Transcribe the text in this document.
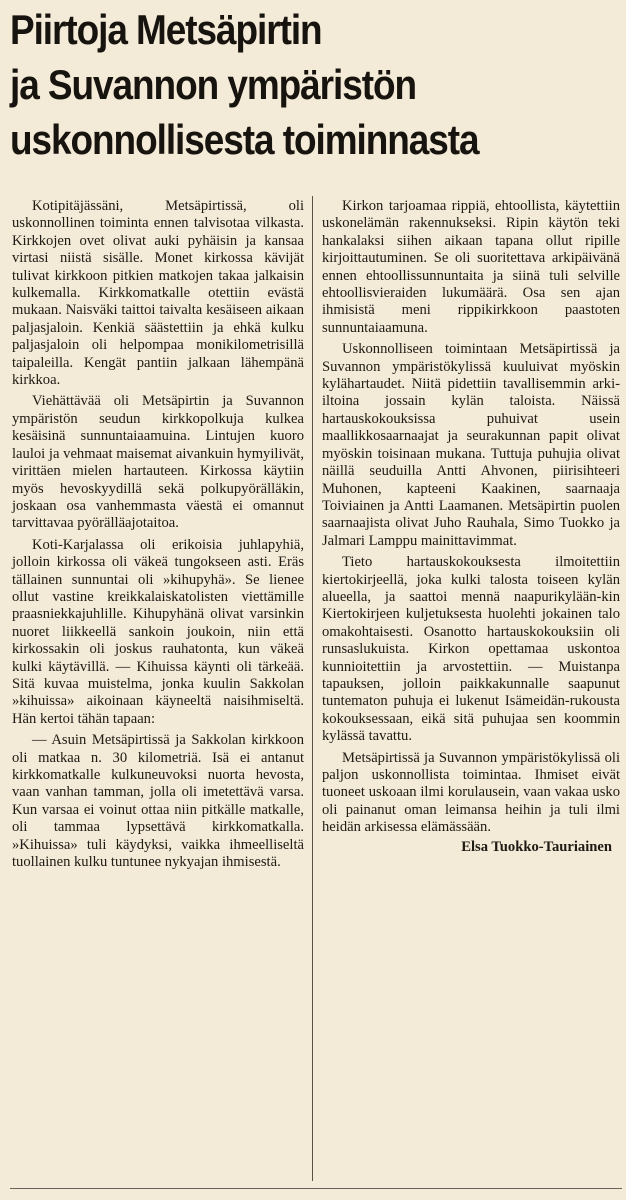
Piirtoja Metsäpirtin
ja Suvannon ympäristön
uskonnollisesta toiminnasta

Kotipitäjässäni, Metsäpirtissä, oli uskonnollinen toiminta ennen talvisotaa vilkasta. Kirkkojen ovet olivat auki pyhäisin ja kansaa virtasi niistä sisälle. Monet kirkossa kävijät tulivat kirkkoon pitkien matkojen takaa jalkaisin kulkemalla. Kirkkomatkalle otettiin evästä mukaan. Naisväki taittoi taivalta kesäiseen aikaan paljasjaloin. Kenkiä säästettiin ja ehkä kulku paljasjaloin oli helpompaa monikilometrisillä taipaleilla. Kengät pantiin jalkaan lähempänä kirkkoa.

Viehättävää oli Metsäpirtin ja Suvannon ympäristön seudun kirkkopolkuja kulkea kesäisinä sunnuntaiaamuina. Lintujen kuoro lauloi ja vehmaat maisemat aivankuin hymyilivät, virittäen mielen hartauteen. Kirkossa käytiin myös hevoskyydillä sekä polkupyörälläkin, joskaan osa vanhemmasta väestä ei omannut tarvittavaa pyörälläajotaitoa.

Koti-Karjalassa oli erikoisia juhlapyhiä, jolloin kirkossa oli väkeä tungokseen asti. Eräs tällainen sunnuntai oli »kihupyhä». Se lienee ollut vastine kreikkalaiskatolisten viettämille praasniekkajuhlille. Kihupyhänä olivat varsinkin nuoret liikkeellä sankoin joukoin, niin että kirkossakin oli joskus rauhatonta, kun väkeä kulki käytävillä. — Kihuissa käynti oli tärkeää. Sitä kuvaa muistelma, jonka kuulin Sakkolan »kihuissa» aikoinaan käyneeltä naisihmiseltä. Hän kertoi tähän tapaan:

— Asuin Metsäpirtissä ja Sakkolan kirkkoon oli matkaa n. 30 kilometriä. Isä ei antanut kirkkomatkalle kulkuneuvoksi nuorta hevosta, vaan vanhan tamman, jolla oli imetettävä varsa. Kun varsaa ei voinut ottaa niin pitkälle matkalle, oli tammaa lypsettävä kirkkomatkalla. »Kihuissa» tuli käydyksi, vaikka ihmeelliseltä tuollainen kulku tuntunee nykyajan ihmisestä.

Kirkon tarjoamaa rippiä, ehtoollista, käytettiin uskonelämän rakennukseksi. Ripin käytön teki hankalaksi siihen aikaan tapana ollut ripille kirjoittautuminen. Se oli suoritettava arkipäivänä ennen ehtoollissunnuntaita ja siinä tuli selville ehtoollisvieraiden lukumäärä. Osa sen ajan ihmisistä meni rippikirkkoon paastoten sunnuntaiaamuna.

Uskonnolliseen toimintaan Metsäpirtissä ja Suvannon ympäristökylissä kuuluivat myöskin kylähartaudet. Niitä pidettiin tavallisemmin arki-iltoina jossain kylän taloista. Näissä hartauskokouksissa puhuivat usein maallikkosaarnaajat ja seurakunnan papit olivat myöskin toisinaan mukana. Tuttuja puhujia olivat näillä seuduilla Antti Ahvonen, piirisihteeri Muhonen, kapteeni Kaakinen, saarnaaja Toiviainen ja Antti Laamanen. Metsäpirtin puolen saarnaajista olivat Juho Rauhala, Simo Tuokko ja Jalmari Lamppu mainittavimmat.

Tieto hartauskokouksesta ilmoitettiin kiertokirjeellä, joka kulki talosta toiseen kylän alueella, ja saattoi mennä naapurikylään-kin Kiertokirjeen kuljetuksesta huolehti jokainen talo omakohtaisesti. Osanotto hartauskokouksiin oli runsaslukuista. Kirkon opettamaa uskontoa kunnioitettiin ja arvostettiin. — Muistanpa tapauksen, jolloin paikkakunnalle saapunut tuntematon puhuja ei lukenut Isämeidän-rukousta kokouksessaan, eikä sitä puhujaa sen koommin kylässä tavattu.

Metsäpirtissä ja Suvannon ympäristökylissä oli paljon uskonnollista toimintaa. Ihmiset eivät tuoneet uskoaan ilmi korulausein, vaan vakaa usko oli painanut oman leimansa heihin ja tuli ilmi heidän arkisessa elämässään.

Elsa Tuokko-Tauriainen
